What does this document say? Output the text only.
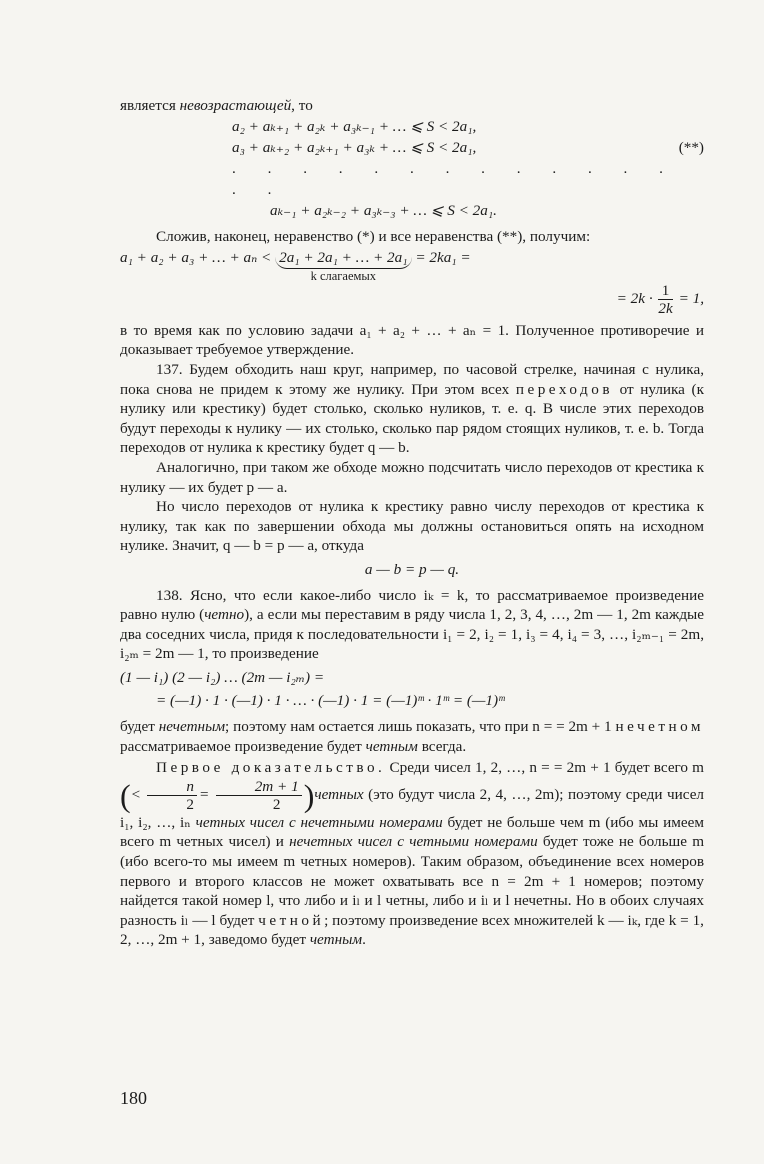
является невозрастающей, то

a₂ + aₖ₊₁ + a₂ₖ + a₃ₖ₋₁ + … ⩽ S < 2a₁,
a₃ + aₖ₊₂ + a₂ₖ₊₁ + a₃ₖ + … ⩽ S < 2a₁,	(**)
. . . . . . . . . . . . . . .
aₖ₋₁ + a₂ₖ₋₂ + a₃ₖ₋₃ + … ⩽ S < 2a₁.

Сложив, наконец, неравенство (*) и все неравенства (**), получим:

a₁ + a₂ + a₃ + … + aₙ < 2a₁ + 2a₁ + … + 2a₁
k слагаемых
= 2ka₁ =
= $2k \cdot \frac{1}{2k} = 1$,

в то время как по условию задачи a₁ + a₂ + … + aₙ = 1. Полученное противоречие и доказывает требуемое утверждение.

137. Будем обходить наш круг, например, по часовой стрелке, начиная с нулика, пока снова не придем к этому же нулику. При этом всех переходов от нулика (к нулику или крестику) будет столько, сколько нуликов, т. е. q. В числе этих переходов будут переходы к нулику — их столько, сколько пар рядом стоящих нуликов, т. е. b. Тогда переходов от нулика к крестику будет q — b.

Аналогично, при таком же обходе можно подсчитать число переходов от крестика к нулику — их будет p — a.

Но число переходов от нулика к крестику равно числу переходов от крестика к нулику, так как по завершении обхода мы должны остановиться опять на исходном нулике. Значит, q — b = p — a, откуда

a — b = p — q.

138. Ясно, что если какое-либо число iₖ = k, то рассматриваемое произведение равно нулю (четно), а если мы переставим в ряду числа 1, 2, 3, 4, …, 2m — 1, 2m каждые два соседних числа, придя к последовательности i₁ = 2, i₂ = 1, i₃ = 4, i₄ = 3, …, i₂ₘ₋₁ = 2m, i₂ₘ = 2m — 1, то произведение

(1 — i₁) (2 — i₂) … (2m — i₂ₘ) =
= (—1) · 1 · (—1) · 1 · … · (—1) · 1 = (—1)ᵐ · 1ᵐ = (—1)ᵐ

будет нечетным; поэтому нам остается лишь показать, что при n = = 2m + 1 нечетном рассматриваемое произведение будет четным всегда.

Первое доказательство. Среди чисел 1, 2, …, n = = 2m + 1 будет всего m (< $\frac{n}{2} = \frac{2m + 1}{2}$ )четных (это будут числа 2, 4, …, 2m); поэтому среди чисел i₁, i₂, …, iₙ четных чисел с нечетными номерами будет не больше чем m (ибо мы имеем всего m четных чисел) и нечетных чисел с четными номерами будет тоже не больше m (ибо всего-то мы имеем m четных номеров). Таким образом, объединение всех номеров первого и второго классов не может охватывать все n = 2m + 1 номеров; поэтому найдется такой номер l, что либо и iₗ и l четны, либо и iₗ и l нечетны. Но в обоих случаях разность iₗ — l будет четной; поэтому произведение всех множителей k — iₖ, где k = 1, 2, …, 2m + 1, заведомо будет четным.

180
